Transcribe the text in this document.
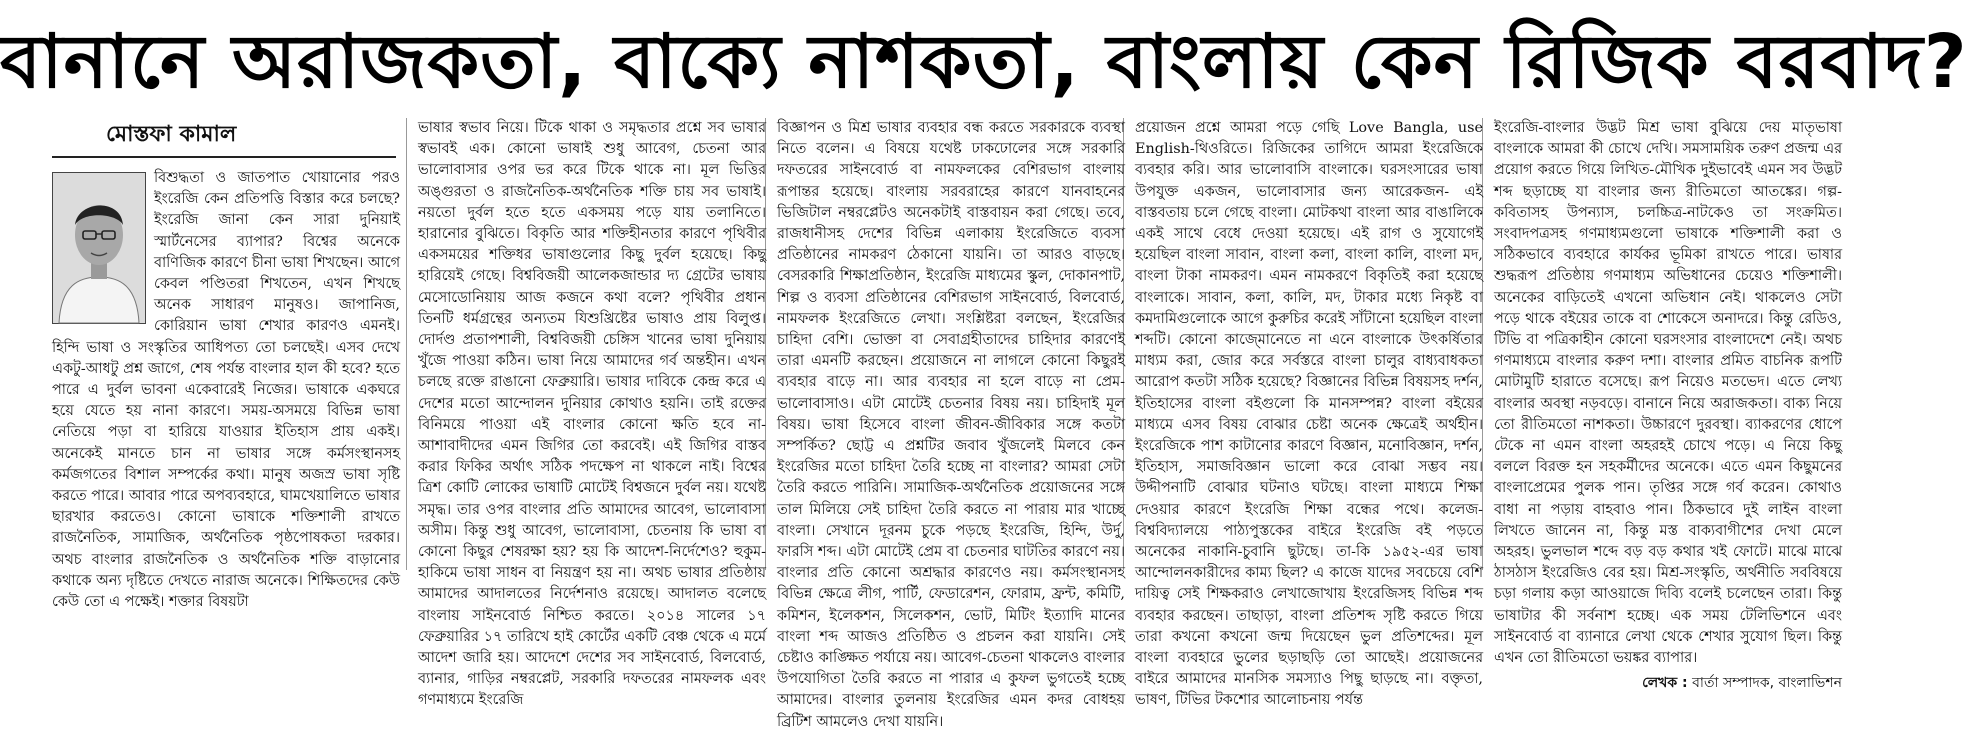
বানানে অরাজকতা, বাক্যে নাশকতা, বাংলায় কেন রিজিক বরবাদ?
মোস্তফা কামাল

বিশুদ্ধতা ও জাতপাত খোয়ানোর পরও ইংরেজি কেন প্রতিপত্তি বিস্তার করে চলছে? ইংরেজি জানা কেন সারা দুনিয়াই স্মার্টনেসের ব্যাপার? বিশ্বের অনেকে বাণিজিক কারণে চীনা ভাষা শিখছেন। আগে কেবল পণ্ডিতরা শিখতেন, এখন শিখছে অনেক সাধারণ মানুষও। জাপানিজ, কোরিয়ান ভাষা শেখার কারণও এমনই। হিন্দি ভাষা ও সংস্কৃতির আধিপত্য তো চলছেই। এসব দেখে একটু-আধটু প্রশ্ন জাগে, শেষ পর্যন্ত বাংলার হাল কী হবে? হতে পারে এ দুর্বল ভাবনা একেবারেই নিজের। ভাষাকে একঘরে হয়ে যেতে হয় নানা কারণে। সময়-অসময়ে বিভিন্ন ভাষা নেতিয়ে পড়া বা হারিয়ে যাওয়ার ইতিহাস প্রায় একই। অনেকেই মানতে চান না ভাষার সঙ্গে কর্মসংস্থানসহ কর্মজগতের বিশাল সম্পর্কের কথা। মানুষ অজস্র ভাষা সৃষ্টি করতে পারে। আবার পারে অপব্যবহারে, ঘামখেয়ালিতে ভাষার ছারখার করতেও। কোনো ভাষাকে শক্তিশালী রাখতে রাজনৈতিক, সামাজিক, অর্থনৈতিক পৃষ্ঠপোষকতা দরকার। অথচ বাংলার রাজনৈতিক ও অর্থনৈতিক শক্তি বাড়ানোর কথাকে অন্য দৃষ্টিতে দেখতে নারাজ অনেকে। শিক্ষিতদের কেউ কেউ তো এ পক্ষেই। শক্তার বিষয়টা

ভাষার স্বভাব নিয়ে। টিকে থাকা ও সমৃদ্ধতার প্রশ্নে সব ভাষার স্বভাবই এক। কোনো ভাষাই শুধু আবেগ, চেতনা আর ভালোবাসার ওপর ভর করে টিকে থাকে না। মূল ভিত্তির অঙ্গুরতা ও রাজনৈতিক-অর্থনৈতিক শক্তি চায় সব ভাষাই। নয়তো দুর্বল হতে হতে একসময় পড়ে যায় তলানিতে। হারানোর বুঝিতে। বিকৃতি আর শক্তিহীনতার কারণে পৃথিবীর একসময়ের শক্তিধর ভাষাগুলোর কিছু দুর্বল হয়েছে। কিছু হারিয়েই গেছে। বিশ্ববিজয়ী আলেকজান্ডার দ্য গ্রেটের ভাষায় মেসোডোনিয়ায় আজ কজনে কথা বলে? পৃথিবীর প্রধান তিনটি ধর্মগ্রন্থের অন্যতম যিশুখ্রিষ্টের ভাষাও প্রায় বিলুপ্ত। দোর্দণ্ড প্রতাপশালী, বিশ্ববিজয়ী চেঙ্গিস খানের ভাষা দুনিয়ায় খুঁজে পাওয়া কঠিন। ভাষা নিয়ে আমাদের গর্ব অন্তহীন। এখন চলছে রক্তে রাঙানো ফেব্রুয়ারি। ভাষার দাবিকে কেন্দ্র করে এ দেশের মতো আন্দোলন দুনিয়ার কোথাও হয়নি। তাই রক্তের বিনিময়ে পাওয়া এই বাংলার কোনো ক্ষতি হবে না- আশাবাদীদের এমন জিগির তো করবেই। এই জিগির বাস্তব করার ফিকির অর্থাৎ সঠিক পদক্ষেপ না থাকলে নাই। বিশ্বের ত্রিশ কোটি লোকের ভাষাটি মোটেই বিশ্বজনে দুর্বল নয়। যথেষ্ট সমৃদ্ধ। তার ওপর বাংলার প্রতি আমাদের আবেগ, ভালোবাসা অসীম। কিন্তু শুধু আবেগ, ভালোবাসা, চেতনায় কি ভাষা বা কোনো কিছুর শেষরক্ষা হয়? হয় কি আদেশ-নির্দেশেও? হুকুম-হাকিমে ভাষা সাধন বা নিয়ন্ত্রণ হয় না। অথচ ভাষার প্রতিষ্ঠায় আমাদের আদালতের নির্দেশনাও রয়েছে। আদালত বলেছে বাংলায় সাইনবোর্ড নিশ্চিত করতে। ২০১৪ সালের ১৭ ফেব্রুয়ারির ১৭ তারিখে হাই কোর্টের একটি বেঞ্চ থেকে এ মর্মে আদেশ জারি হয়। আদেশে দেশের সব সাইনবোর্ড, বিলবোর্ড, ব্যানার, গাড়ির নম্বরপ্লেট, সরকারি দফতরের নামফলক এবং গণমাধ্যমে ইংরেজি

বিজ্ঞাপন ও মিশ্র ভাষার ব্যবহার বন্ধ করতে সরকারকে ব্যবস্থা নিতে বলেন। এ বিষয়ে যথেষ্ট ঢাকঢোলের সঙ্গে সরকারি দফতরের সাইনবোর্ড বা নামফলকের বেশিরভাগ বাংলায় রূপান্তর হয়েছে। বাংলায় সরবরাহের কারণে যানবাহনের ভিজিটাল নম্বরপ্লেটও অনেকটাই বাস্তবায়ন করা গেছে। তবে, রাজধানীসহ দেশের বিভিন্ন এলাকায় ইংরেজিতে ব্যবসা প্রতিষ্ঠানের নামকরণ ঠেকানো যায়নি। তা আরও বাড়ছে। বেসরকারি শিক্ষাপ্রতিষ্ঠান, ইংরেজি মাধ্যমের স্কুল, দোকানপাট, শিল্প ও ব্যবসা প্রতিষ্ঠানের বেশিরভাগ সাইনবোর্ড, বিলবোর্ড, নামফলক ইংরেজিতে লেখা। সংশ্লিষ্টরা বলছেন, ইংরেজির চাহিদা বেশি। ভোক্তা বা সেবাগ্রহীতাদের চাহিদার কারণেই তারা এমনটি করছেন। প্রয়োজনে না লাগলে কোনো কিছুরই ব্যবহার বাড়ে না। আর ব্যবহার না হলে বাড়ে না প্রেম-ভালোবাসাও। এটা মোটেই চেতনার বিষয় নয়। চাহিদাই মূল বিষয়। ভাষা হিসেবে বাংলা জীবন-জীবিকার সঙ্গে কতটা সম্পর্কিত? ছোট্ট এ প্রশ্নটির জবাব খুঁজলেই মিলবে কেন ইংরেজির মতো চাহিদা তৈরি হচ্ছে না বাংলার? আমরা সেটা তৈরি করতে পারিনি। সামাজিক-অর্থনৈতিক প্রয়োজনের সঙ্গে তাল মিলিয়ে সেই চাহিদা তৈরি করতে না পারায় মার খাচ্ছে বাংলা। সেখানে দূরনম চুকে পড়ছে ইংরেজি, হিন্দি, উর্দু, ফারসি শব্দ। এটা মোটেই প্রেম বা চেতনার ঘাটতির কারণে নয়। বাংলার প্রতি কোনো অশ্রদ্ধার কারণেও নয়। কর্মসংস্থানসহ বিভিন্ন ক্ষেত্রে লীগ, পার্টি, ফেডারেশন, ফোরাম, ফ্রন্ট, কমিটি, কমিশন, ইলেকশন, সিলেকশন, ভোট, মিটিং ইত্যাদি মানের বাংলা শব্দ আজও প্রতিষ্ঠিত ও প্রচলন করা যায়নি। সেই চেষ্টাও কাঙ্ক্ষিত পর্যায়ে নয়। আবেগ-চেতনা থাকলেও বাংলার উপযোগিতা তৈরি করতে না পারার এ কুফল ভুগতেই হচ্ছে আমাদের। বাংলার তুলনায় ইংরেজির এমন কদর বোধহয় ব্রিটিশ আমলেও দেখা যায়নি।

প্রয়োজন প্রশ্নে আমরা পড়ে গেছি Love Bangla, use English-থিওরিতে। রিজিকের তাগিদে আমরা ইংরেজিকে ব্যবহার করি। আর ভালোবাসি বাংলাকে। ঘরসংসারের ভাষা উপযুক্ত একজন, ভালোবাসার জন্য আরেকজন- এই বাস্তবতায় চলে গেছে বাংলা। মোটকথা বাংলা আর বাঙালিকে একই সাথে বেধে দেওয়া হয়েছে। এই রাগ ও সুযোগেই হয়েছিল বাংলা সাবান, বাংলা কলা, বাংলা কালি, বাংলা মদ, বাংলা টাকা নামকরণ। এমন নামকরণে বিকৃতিই করা হয়েছে বাংলাকে। সাবান, কলা, কালি, মদ, টাকার মধ্যে নিকৃষ্ট বা কমদামিগুলোকে আগে কুরুচির করেই সাঁটানো হয়েছিল বাংলা শব্দটি। কোনো কাজ্মোনেতে না এনে বাংলাকে উৎকর্ষিতার মাধ্যম করা, জোর করে সর্বস্তরে বাংলা চালুর বাধ্যবাধকতা আরোপ কতটা সঠিক হয়েছে? বিজ্ঞানের বিভিন্ন বিষয়সহ দর্শন, ইতিহাসের বাংলা বইগুলো কি মানসম্পন্ন? বাংলা বইয়ের মাধ্যমে এসব বিষয় বোঝার চেষ্টা অনেক ক্ষেত্রেই অর্থহীন। ইংরেজিকে পাশ কাটানোর কারণে বিজ্ঞান, মনোবিজ্ঞান, দর্শন, ইতিহাস, সমাজবিজ্ঞান ভালো করে বোঝা সম্ভব নয়। উদ্দীপনাটি বোঝার ঘটনাও ঘটছে। বাংলা মাধ্যমে শিক্ষা দেওয়ার কারণে ইংরেজি শিক্ষা বন্ধের পথে। কলেজ-বিশ্ববিদ্যালয়ে পাঠ্যপুস্তকের বাইরে ইংরেজি বই পড়তে অনেকের নাকানি-চুবানি ছুটছে। তা-কি ১৯৫২-এর ভাষা আন্দোলনকারীদের কাম্য ছিল? এ কাজে যাদের সবচেয়ে বেশি দায়িত্ব সেই শিক্ষকরাও লেখাজোখায় ইংরেজিসহ বিভিন্ন শব্দ ব্যবহার করছেন। তাছাড়া, বাংলা প্রতিশব্দ সৃষ্টি করতে গিয়ে তারা কখনো কখনো জন্ম দিয়েছেন ভুল প্রতিশব্দের। মূল বাংলা ব্যবহারে ভুলের ছড়াছড়ি তো আছেই। প্রয়োজনের বাইরে আমাদের মানসিক সমস্যাও পিছু ছাড়ছে না। বক্তৃতা, ভাষণ, টিভির টকশোর আলোচনায় পর্যন্ত

ইংরেজি-বাংলার উদ্ভট মিশ্র ভাষা বুঝিয়ে দেয় মাতৃভাষা বাংলাকে আমরা কী চোখে দেখি। সমসাময়িক তরুণ প্রজন্ম এর প্রয়োগ করতে গিয়ে লিখিত-মৌখিক দুইভাবেই এমন সব উদ্ভট শব্দ ছড়াচ্ছে যা বাংলার জন্য রীতিমতো আতঙ্কের। গল্প-কবিতাসহ উপন্যাস, চলচ্চিত্র-নাটকেও তা সংক্রমিত। সংবাদপত্রসহ গণমাধ্যমগুলো ভাষাকে শক্তিশালী করা ও সঠিকভাবে ব্যবহারে কার্যকর ভূমিকা রাখতে পারে। ভাষার শুদ্ধরূপ প্রতিষ্ঠায় গণমাধ্যম অভিধানের চেয়েও শক্তিশালী। অনেকের বাড়িতেই এখনো অভিধান নেই। থাকলেও সেটা পড়ে থাকে বইয়ের তাকে বা শোকেসে অনাদরে। কিন্তু রেডিও, টিভি বা পত্রিকাহীন কোনো ঘরসংসার বাংলাদেশে নেই। অথচ গণমাধ্যমে বাংলার করুণ দশা। বাংলার প্রমিত বাচনিক রূপটি মোটামুটি হারাতে বসেছে। রূপ নিয়েও মতভেদ। এতে লেখ্য বাংলার অবস্থা নড়বড়ে। বানানে নিয়ে অরাজকতা। বাক্য নিয়ে তো রীতিমতো নাশকতা। উচ্চারণে দুরবস্থা। ব্যাকরণের ধোপে টেকে না এমন বাংলা অহরহই চোখে পড়ে। এ নিয়ে কিছু বললে বিরক্ত হন সহকর্মীদের অনেকে। এতে এমন কিছুমনের বাংলাপ্রেমের পুলক পান। তৃপ্তির সঙ্গে গর্ব করেন। কোথাও বাধা না পড়ায় বাহবাও পান। ঠিকভাবে দুই লাইন বাংলা লিখতে জানেন না, কিন্তু মস্ত বাক্যবাগীশের দেখা মেলে অহরহ। ভুলভাল শব্দে বড় বড় কথার খই ফোটে। মাঝে মাঝে ঠাসঠাস ইংরেজিও বের হয়। মিশ্র-সংস্কৃতি, অর্থনীতি সববিষয়ে চড়া গলায় কড়া আওয়াজে দিব্যি বলেই চলেছেন তারা। কিন্তু ভাষাটার কী সর্বনাশ হচ্ছে। এক সময় টেলিভিশনে এবং সাইনবোর্ড বা ব্যানারে লেখা থেকে শেখার সুযোগ ছিল। কিন্তু এখন তো রীতিমতো ভয়ঙ্কর ব্যাপার।

লেখক : বার্তা সম্পাদক, বাংলাভিশন
